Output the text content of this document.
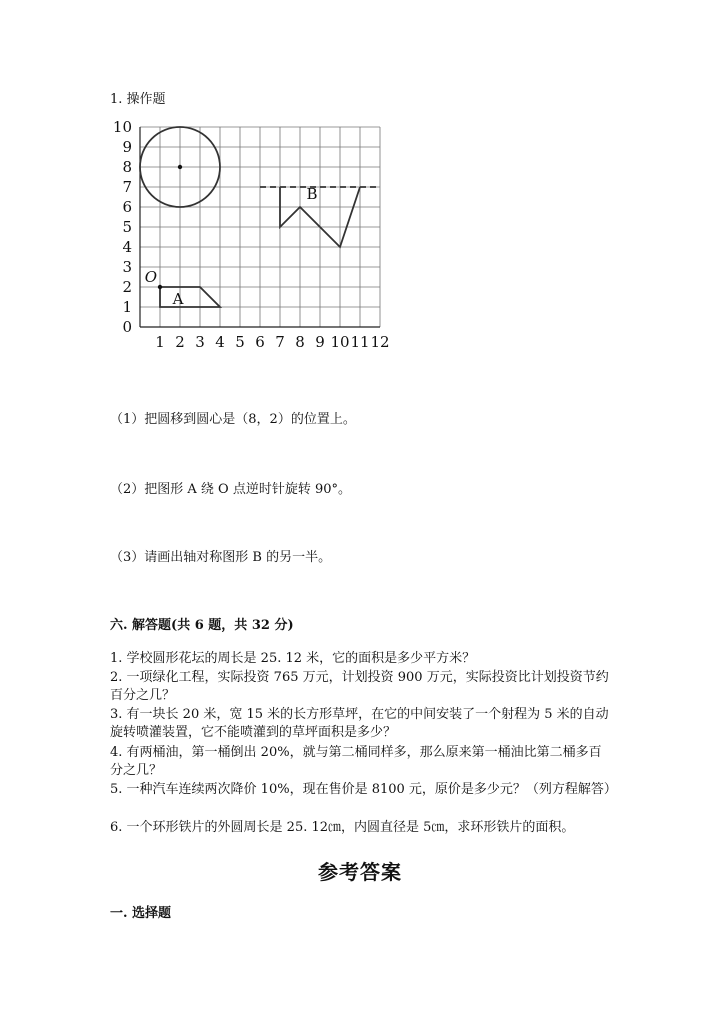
1. 操作题
1 2 3 4 5 6 7 8 9 10 11 12
0
1
2
3
4
5
6
7
8
9
10
O
A
B
（1）把圆移到圆心是（8，2）的位置上。
（2）把图形 A 绕 O 点逆时针旋转 90°。
（3）请画出轴对称图形 B 的另一半。
六. 解答题(共 6 题，共 32 分)
1. 学校圆形花坛的周长是 25. 12 米，它的面积是多少平方米？
2. 一项绿化工程，实际投资 765 万元，计划投资 900 万元，实际投资比计划投资节约百分之几？
3. 有一块长 20 米，宽 15 米的长方形草坪，在它的中间安装了一个射程为 5 米的自动旋转喷灌装置，它不能喷灌到的草坪面积是多少？
4. 有两桶油，第一桶倒出 20%，就与第二桶同样多，那么原来第一桶油比第二桶多百分之几？
5. 一种汽车连续两次降价 10%，现在售价是 8100 元，原价是多少元？（列方程解答）
6. 一个环形铁片的外圆周长是 25. 12㎝，内圆直径是 5㎝，求环形铁片的面积。
参考答案
一. 选择题
